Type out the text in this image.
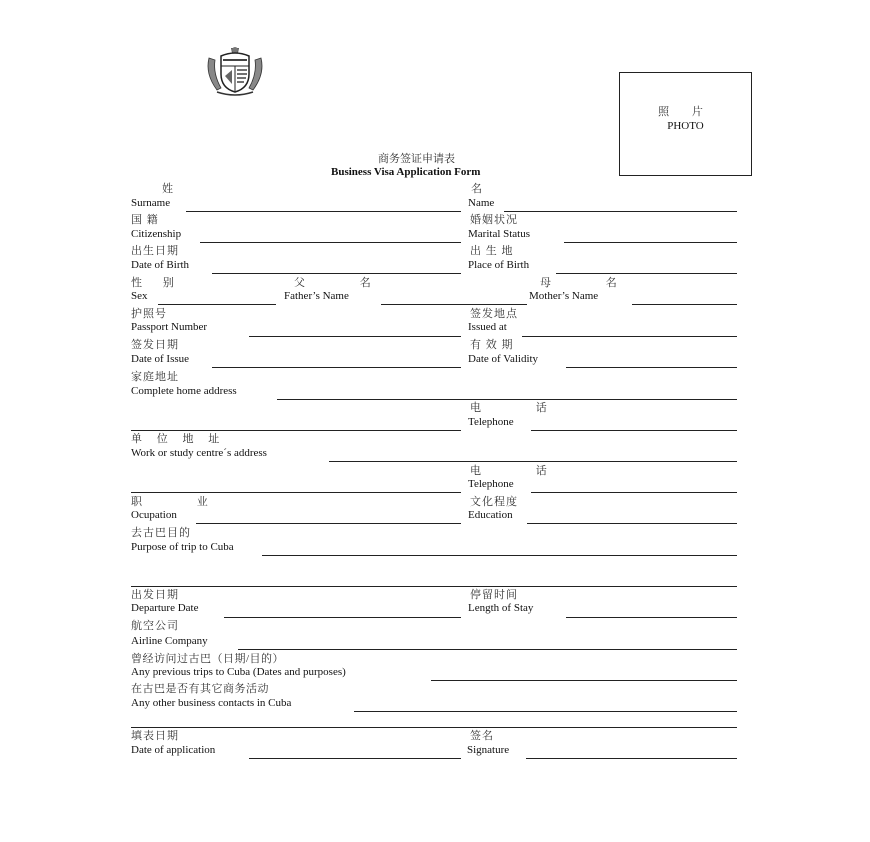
照 片
PHOTO
商务签证申请表
Business Visa Application Form
姓
Surname
名
Name
国 籍
Citizenship
婚姻状况
Marital Status
出生日期
Date of Birth
出 生 地
Place of Birth
性 别
Sex
父 名
Father’s Name
母 名
Mother’s Name
护照号
Passport Number
签发地点
Issued at
签发日期
Date of Issue
有 效 期
Date of Validity
家庭地址
Complete home address
电 话
Telephone
单 位 地 址
Work or study centre´s address
电 话
Telephone
职 业
Ocupation
文化程度
Education
去古巴目的
Purpose of trip to Cuba
出发日期
Departure Date
停留时间
Length of Stay
航空公司
Airline Company
曾经访问过古巴（日期/目的）
Any previous trips to Cuba (Dates and purposes)
在古巴是否有其它商务活动
Any other business contacts in Cuba
填表日期
Date of application
签名
Signature
